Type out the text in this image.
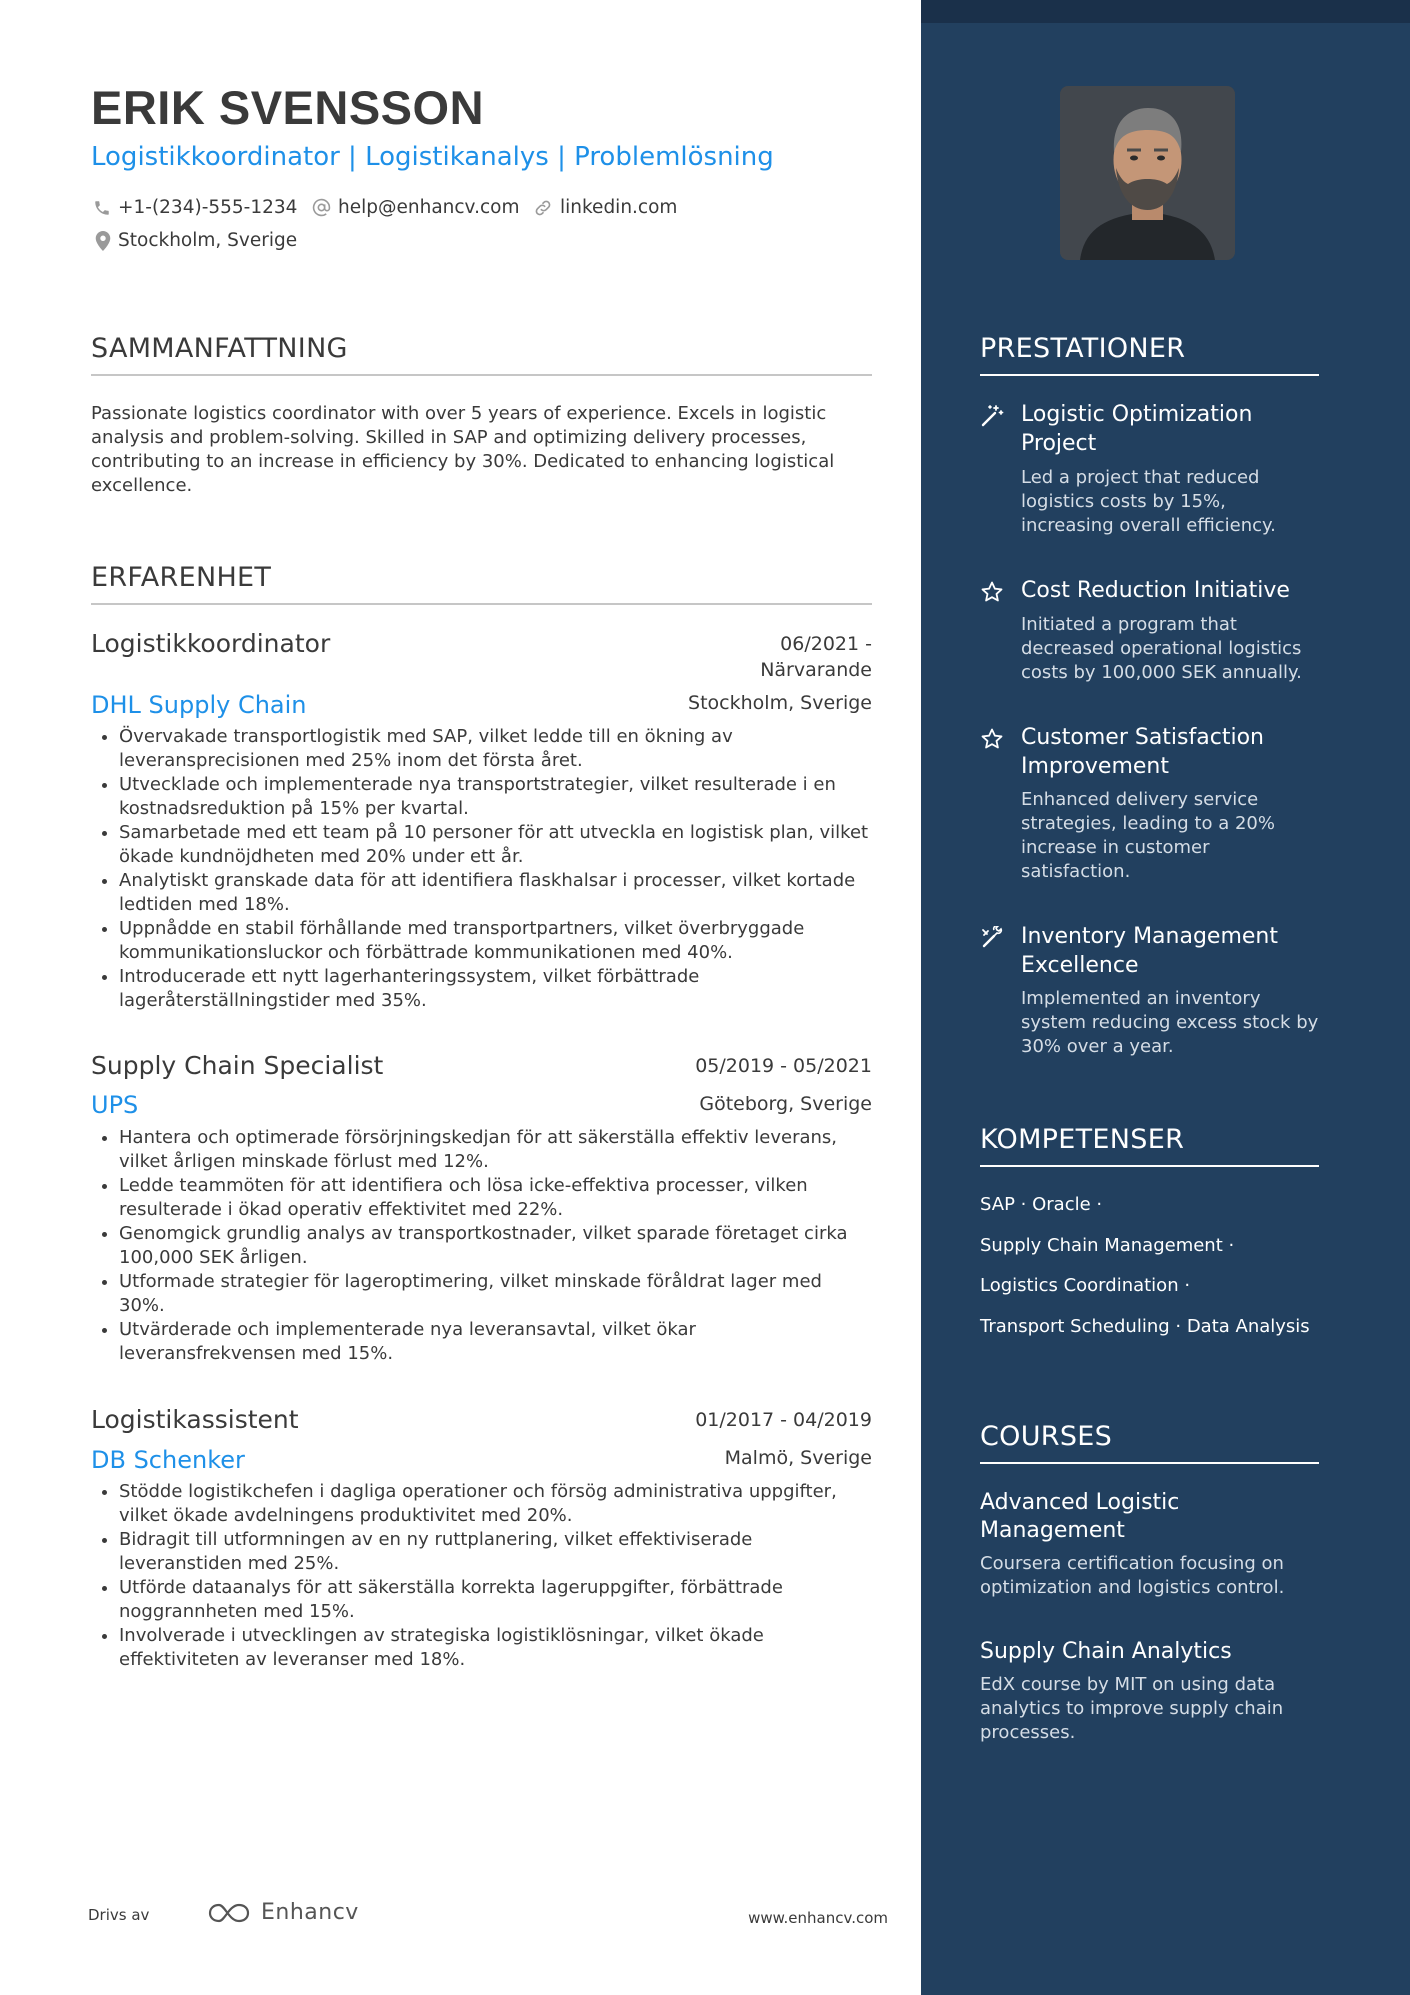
ERIK SVENSSON
Logistikkoordinator | Logistikanalys | Problemlösning
+1-(234)-555-1234 help@enhancv.com linkedin.com
Stockholm, Sverige
SAMMANFATTNING

Passionate logistics coordinator with over 5 years of experience. Excels in logistic analysis and problem-solving. Skilled in SAP and optimizing delivery processes, contributing to an increase in efficiency by 30%. Dedicated to enhancing logistical excellence.

ERFARENHET
Logistikkoordinator	06/2021 - Närvarande
DHL Supply Chain	Stockholm, Sverige
• Övervakade transportlogistik med SAP, vilket ledde till en ökning av leveransprecisionen med 25% inom det första året.
• Utvecklade och implementerade nya transportstrategier, vilket resulterade i en kostnadsreduktion på 15% per kvartal.
• Samarbetade med ett team på 10 personer för att utveckla en logistisk plan, vilket ökade kundnöjdheten med 20% under ett år.
• Analytiskt granskade data för att identifiera flaskhalsar i processer, vilket kortade ledtiden med 18%.
• Uppnådde en stabil förhållande med transportpartners, vilket överbryggade kommunikationsluckor och förbättrade kommunikationen med 40%.
• Introducerade ett nytt lagerhanteringssystem, vilket förbättrade lageråterställningstider med 35%.
Supply Chain Specialist	05/2019 - 05/2021
UPS	Göteborg, Sverige
• Hantera och optimerade försörjningskedjan för att säkerställa effektiv leverans, vilket årligen minskade förlust med 12%.
• Ledde teammöten för att identifiera och lösa icke-effektiva processer, vilken resulterade i ökad operativ effektivitet med 22%.
• Genomgick grundlig analys av transportkostnader, vilket sparade företaget cirka 100,000 SEK årligen.
• Utformade strategier för lageroptimering, vilket minskade föråldrat lager med 30%.
• Utvärderade och implementerade nya leveransavtal, vilket ökar leveransfrekvensen med 15%.
Logistikassistent	01/2017 - 04/2019
DB Schenker	Malmö, Sverige
• Stödde logistikchefen i dagliga operationer och försög administrativa uppgifter, vilket ökade avdelningens produktivitet med 20%.
• Bidragit till utformningen av en ny ruttplanering, vilket effektiviserade leveranstiden med 25%.
• Utförde dataanalys för att säkerställa korrekta lageruppgifter, förbättrade noggrannheten med 15%.
• Involverade i utvecklingen av strategiska logistiklösningar, vilket ökade effektiviteten av leveranser med 18%.
Drivs av	Enhancv	www.enhancv.com
PRESTATIONER
Logistic Optimization Project
Led a project that reduced logistics costs by 15%, increasing overall efficiency.
Cost Reduction Initiative
Initiated a program that decreased operational logistics costs by 100,000 SEK annually.
Customer Satisfaction Improvement
Enhanced delivery service strategies, leading to a 20% increase in customer satisfaction.
Inventory Management Excellence
Implemented an inventory system reducing excess stock by 30% over a year.
KOMPETENSER
SAP · Oracle ·
Supply Chain Management ·
Logistics Coordination ·
Transport Scheduling · Data Analysis
COURSES
Advanced Logistic Management
Coursera certification focusing on optimization and logistics control.
Supply Chain Analytics
EdX course by MIT on using data analytics to improve supply chain processes.
